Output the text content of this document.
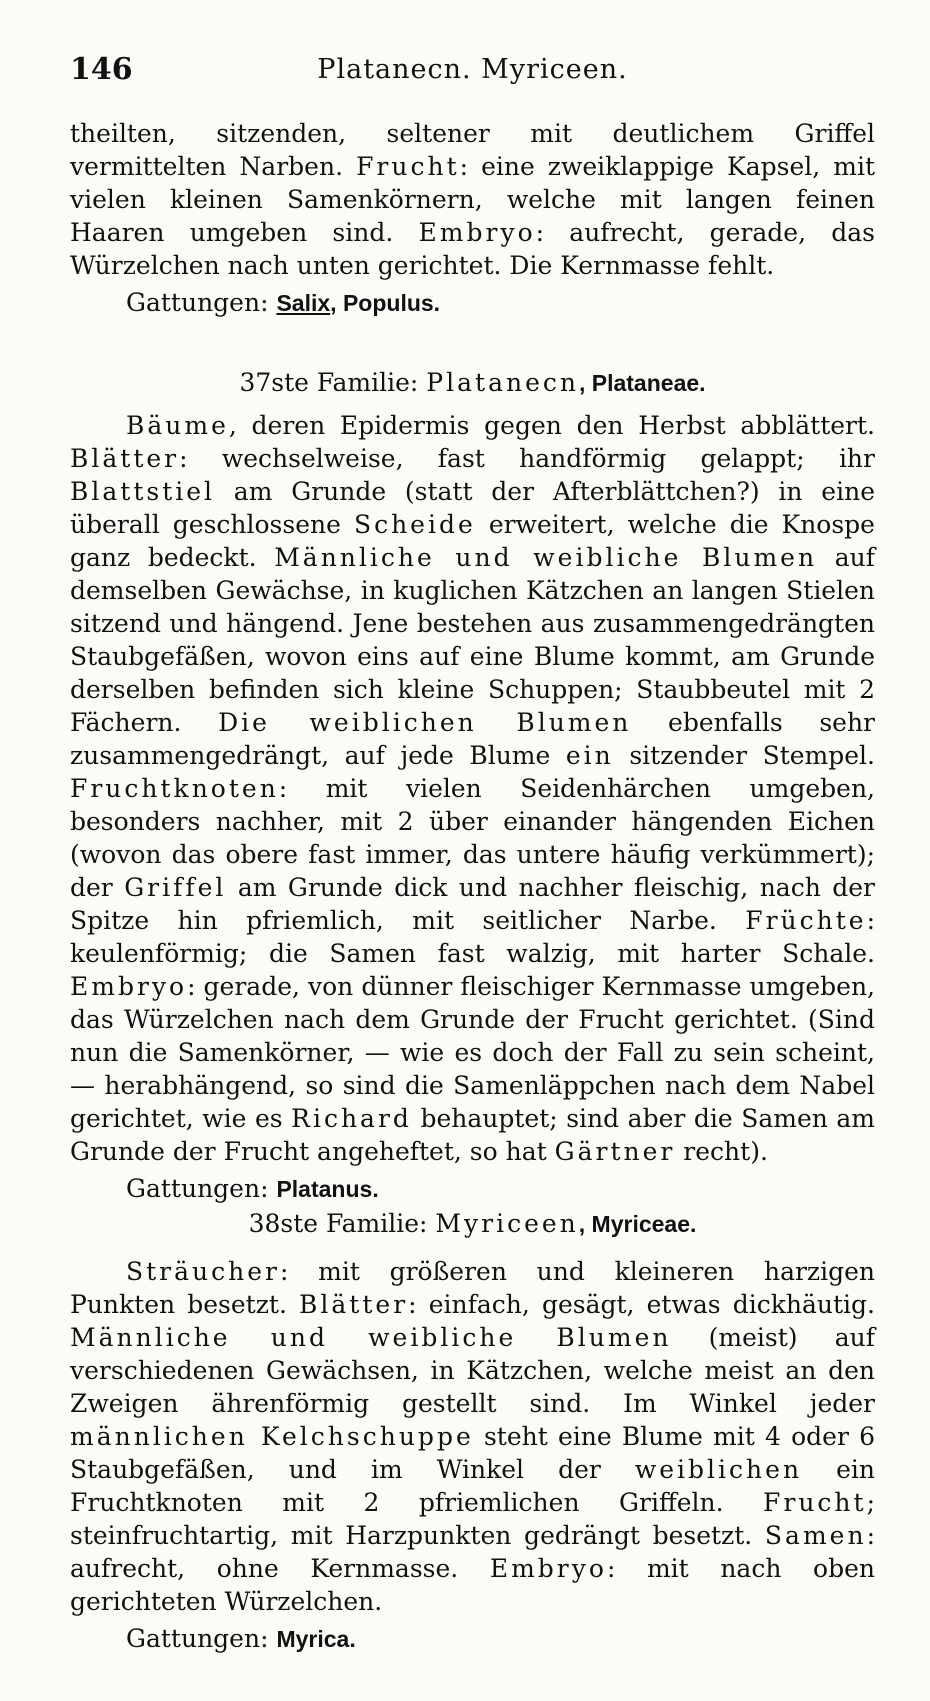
146	Platanecn. Myriceen.

theilten, sitzenden, seltener mit deutlichem Griffel vermittelten Narben. Frucht: eine zweiklappige Kapsel, mit vielen kleinen Samenkörnern, welche mit langen feinen Haaren umgeben sind. Embryo: aufrecht, gerade, das Würzelchen nach unten gerichtet. Die Kernmasse fehlt.

Gattungen: Salix, Populus.

37ste Familie: Platanecn, Plataneae.

Bäume, deren Epidermis gegen den Herbst abblättert. Blätter: wechselweise, fast handförmig gelappt; ihr Blattstiel am Grunde (statt der Afterblättchen?) in eine überall geschlossene Scheide erweitert, welche die Knospe ganz bedeckt. Männliche und weibliche Blumen auf demselben Gewächse, in kuglichen Kätzchen an langen Stielen sitzend und hängend. Jene bestehen aus zusammengedrängten Staubgefäßen, wovon eins auf eine Blume kommt, am Grunde derselben befinden sich kleine Schuppen; Staubbeutel mit 2 Fächern. Die weiblichen Blumen ebenfalls sehr zusammengedrängt, auf jede Blume ein sitzender Stempel. Fruchtknoten: mit vielen Seidenhärchen umgeben, besonders nachher, mit 2 über einander hängenden Eichen (wovon das obere fast immer, das untere häufig verkümmert); der Griffel am Grunde dick und nachher fleischig, nach der Spitze hin pfriemlich, mit seitlicher Narbe. Früchte: keulenförmig; die Samen fast walzig, mit harter Schale. Embryo: gerade, von dünner fleischiger Kernmasse umgeben, das Würzelchen nach dem Grunde der Frucht gerichtet. (Sind nun die Samenkörner, — wie es doch der Fall zu sein scheint, — herabhängend, so sind die Samenläppchen nach dem Nabel gerichtet, wie es Richard behauptet; sind aber die Samen am Grunde der Frucht angeheftet, so hat Gärtner recht).

Gattungen: Platanus.

38ste Familie: Myriceen, Myriceae.

Sträucher: mit größeren und kleineren harzigen Punkten besetzt. Blätter: einfach, gesägt, etwas dickhäutig. Männliche und weibliche Blumen (meist) auf verschiedenen Gewächsen, in Kätzchen, welche meist an den Zweigen ährenförmig gestellt sind. Im Winkel jeder männlichen Kelchschuppe steht eine Blume mit 4 oder 6 Staubgefäßen, und im Winkel der weiblichen ein Fruchtknoten mit 2 pfriemlichen Griffeln. Frucht; steinfruchtartig, mit Harzpunkten gedrängt besetzt. Samen: aufrecht, ohne Kernmasse. Embryo: mit nach oben gerichteten Würzelchen.

Gattungen: Myrica.
